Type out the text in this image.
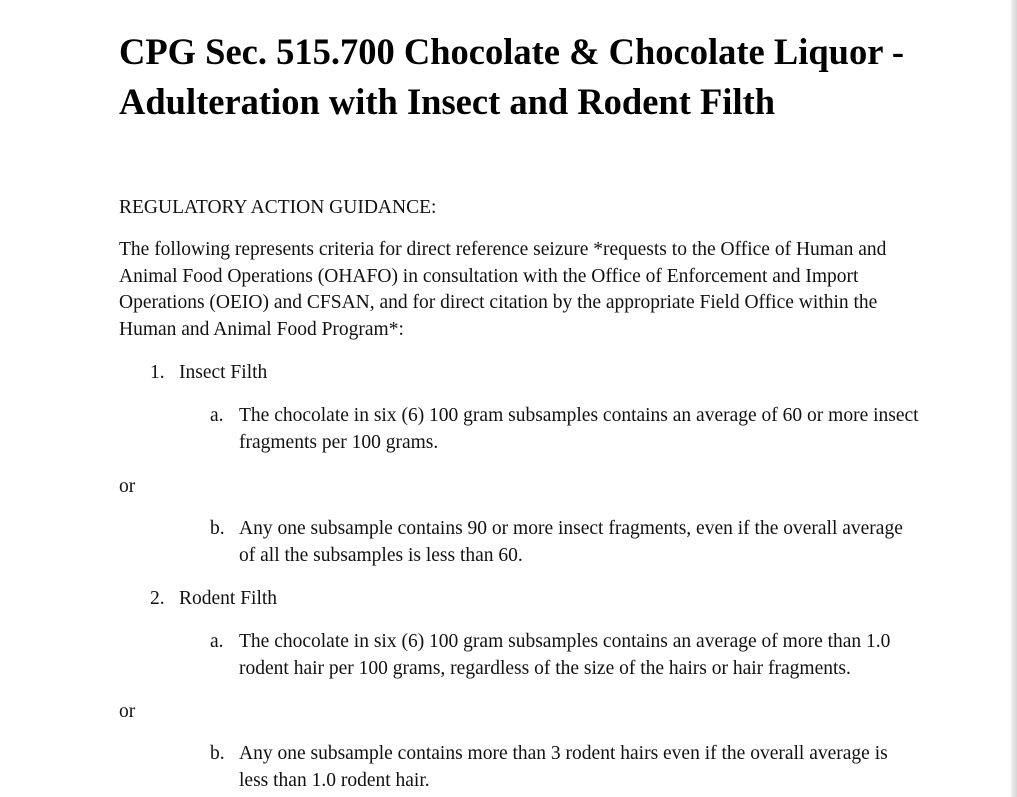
CPG Sec. 515.700 Chocolate & Chocolate Liquor - Adulteration with Insect and Rodent Filth

REGULATORY ACTION GUIDANCE:

The following represents criteria for direct reference seizure *requests to the Office of Human and Animal Food Operations (OHAFO) in consultation with the Office of Enforcement and Import Operations (OEIO) and CFSAN, and for direct citation by the appropriate Field Office within the Human and Animal Food Program*:

1. Insect Filth
a. The chocolate in six (6) 100 gram subsamples contains an average of 60 or more insect fragments per 100 grams.

or
b. Any one subsample contains 90 or more insect fragments, even if the overall average of all the subsamples is less than 60.

2. Rodent Filth
a. The chocolate in six (6) 100 gram subsamples contains an average of more than 1.0 rodent hair per 100 grams, regardless of the size of the hairs or hair fragments.

or
b. Any one subsample contains more than 3 rodent hairs even if the overall average is less than 1.0 rodent hair.
